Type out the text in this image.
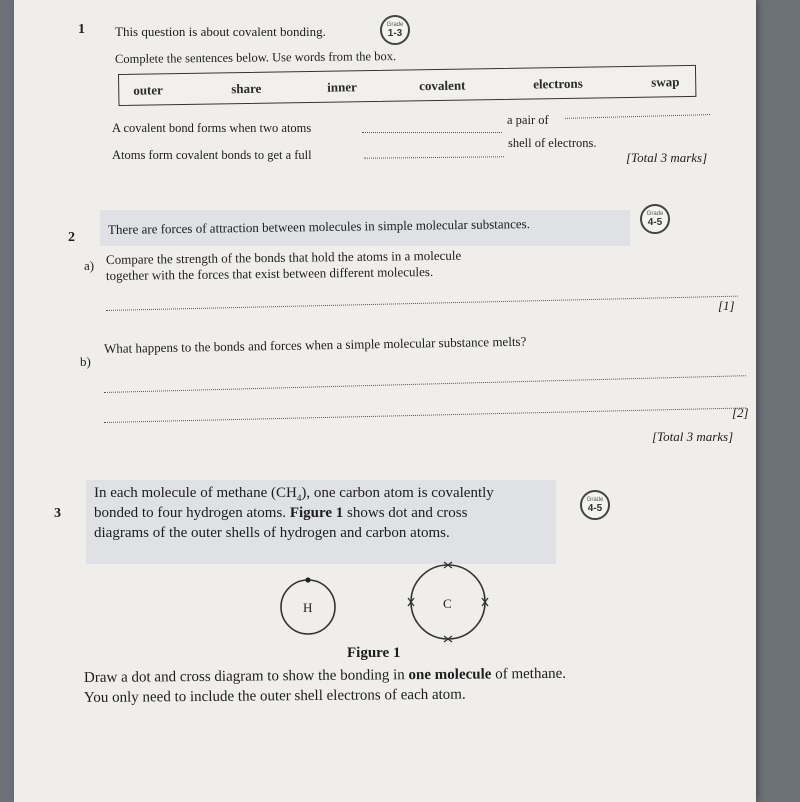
1 This question is about covalent bonding.	Grade
1-3
Complete the sentences below. Use words from the box.
outer	share	inner	covalent	electrons	swap
A covalent bond forms when two atoms
a pair of
Atoms form covalent bonds to get a full
shell of electrons.
[Total 3 marks]
2
There are forces of attraction between molecules in simple molecular substances.
Grade
4-5
a) Compare the strength of the bonds that hold the atoms in a molecule
together with the forces that exist between different molecules.
[1]
b)
What happens to the bonds and forces when a simple molecular substance melts?
[2]
[Total 3 marks]
3
In each molecule of methane $(CH_4)$, one carbon atom is covalently
bonded to four hydrogen atoms. Figure 1 shows dot and cross
diagrams of the outer shells of hydrogen and carbon atoms.
Grade
4-5
H	C
Figure 1
Draw a dot and cross diagram to show the bonding in one molecule of methane.
You only need to include the outer shell electrons of each atom.
